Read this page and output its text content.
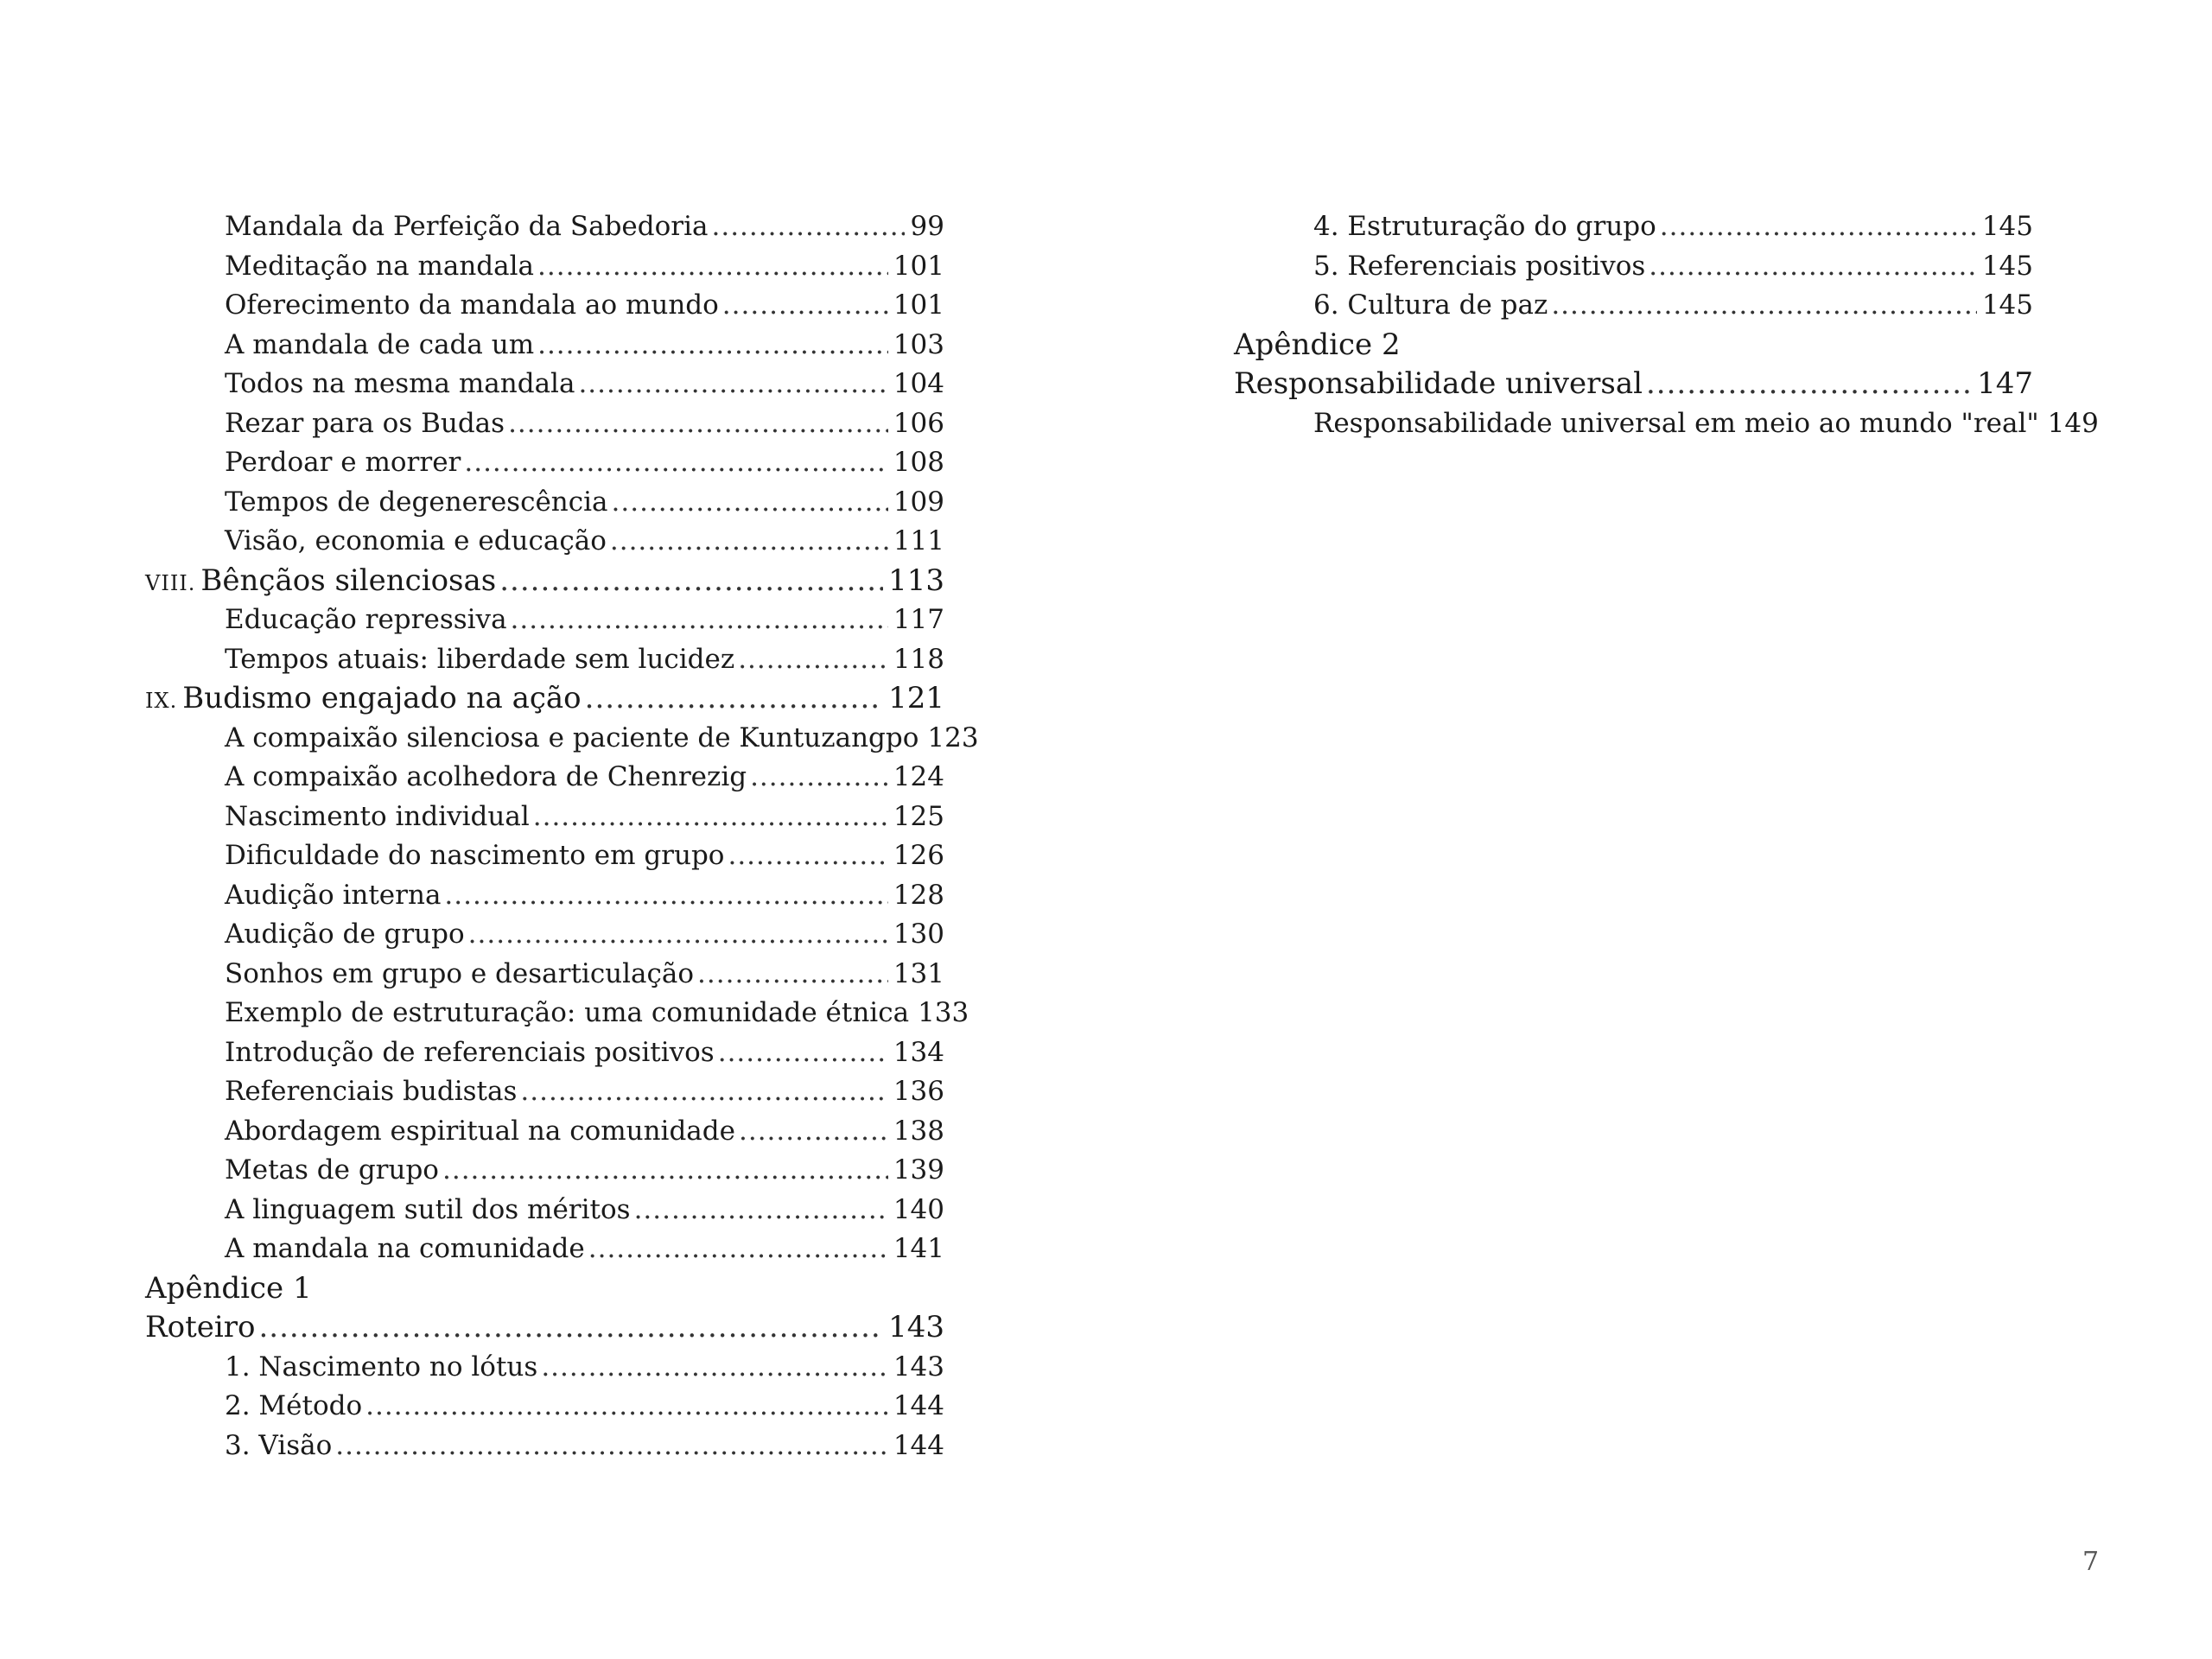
Mandala da Perfeição da Sabedoria .....	99
Meditação na mandala .....	101
Oferecimento da mandala ao mundo .....	101
A mandala de cada um .....	103
Todos na mesma mandala .....	104
Rezar para os Budas .....	106
Perdoar e morrer .....	108
Tempos de degenerescência .....	109
Visão, economia e educação .....	111
VIII. Bênçãos silenciosas .....	113
Educação repressiva .....	117
Tempos atuais: liberdade sem lucidez .....	118
IX. Budismo engajado na ação .....	121
A compaixão silenciosa e paciente de Kuntuzangpo 123
A compaixão acolhedora de Chenrezig .....	124
Nascimento individual .....	125
Dificuldade do nascimento em grupo .....	126
Audição interna .....	128
Audição de grupo .....	130
Sonhos em grupo e desarticulação .....	131
Exemplo de estruturação: uma comunidade étnica 133
Introdução de referenciais positivos .....	134
Referenciais budistas .....	136
Abordagem espiritual na comunidade .....	138
Metas de grupo .....	139
A linguagem sutil dos méritos .....	140
A mandala na comunidade .....	141
Apêndice 1
Roteiro .....	143
1. Nascimento no lótus .....	143
2. Método .....	144
3. Visão .....	144
4. Estruturação do grupo .....	145
5. Referenciais positivos .....	145
6. Cultura de paz .....	145
Apêndice 2
Responsabilidade universal .....	147
Responsabilidade universal em meio ao mundo "real" 149
7
